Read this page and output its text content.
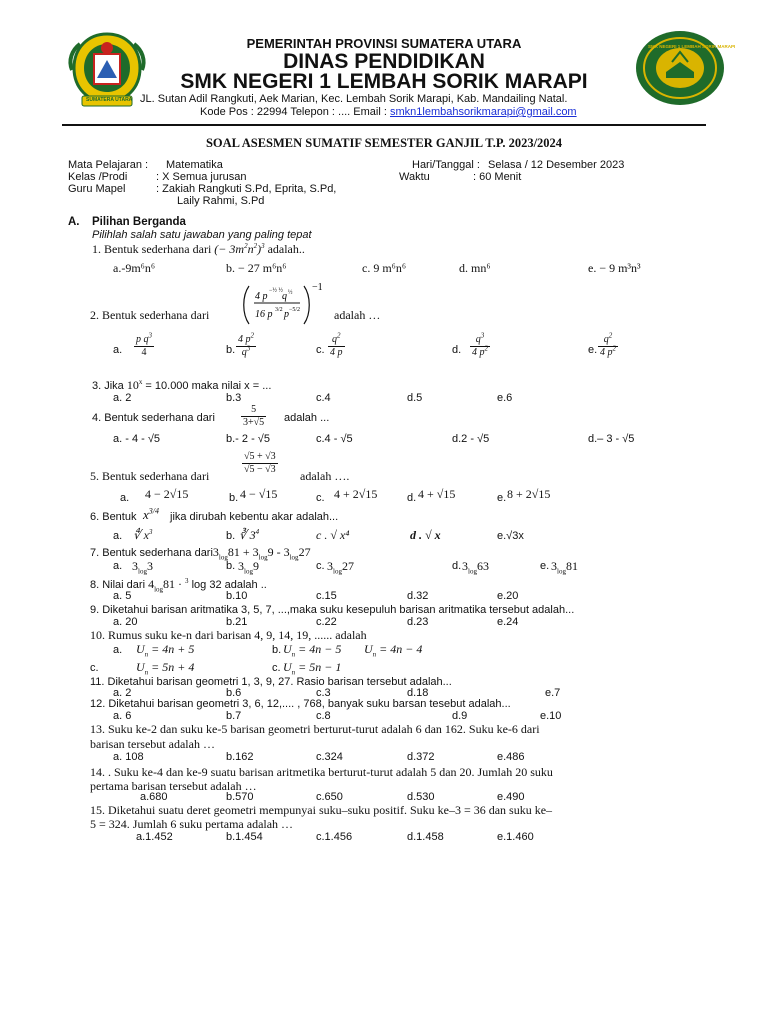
SUMATERA UTARA
SMK NEGERI 1 LEMBAH SORIK MARAPI
PEMERINTAH PROVINSI SUMATERA UTARA
DINAS PENDIDIKAN
SMK NEGERI 1 LEMBAH SORIK MARAPI
JL. Sutan Adil Rangkuti, Aek Marian, Kec. Lembah Sorik Marapi, Kab. Mandailing Natal.
Kode Pos : 22994 Telepon : .... Email : smkn1lembahsorikmarapi@gmail.com
SOAL ASESMEN SUMATIF SEMESTER GANJIL T.P. 2023/2024
Mata Pelajaran : Matematika
Kelas /Prodi	: X Semua jurusan
Guru Mapel	: Zakiah Rangkuti S.Pd, Eprita, S.Pd,
Laily Rahmi, S.Pd
Hari/Tanggal : Selasa / 12 Desember 2023
Waktu	: 60 Menit
A. Pilihan Berganda
Pilihlah salah satu jawaban yang paling tepat
1. Bentuk sederhana dari (− $3m^2n^2)^3$ adalah..
a.-9m⁶n⁶	b. − 27 m⁶n⁶	c. 9 m⁶n⁶	d. mn⁶	e. − 9 m³n³
2. Bentuk sederhana dari
4 p −½ ½ q ½
16 p 3/2 p −5/2
−1
adalah …
a. $\frac{p q^3}{4}$	b. $\frac{4 p^2}{q^3}$	c. $\frac{q^2}{4 p}$	d. $\frac{q^3}{4 p^2}$	e. $\frac{q^2}{4 p^2}$
3. Jika $10^x = 10.000$ maka nilai x = ...
a. 2	b.3	c.4	d.5	e.6
4. Bentuk sederhana dari	$\frac{5}{3+√5}$ adalah ...
a. - 4 - √5	b.- 2 - √5	c.4 - √5	d.2 - √5	d.– 3 - √5
5. Bentuk sederhana dari	$\frac{√5 + √3}{√5 - √3}$ adalah ….
a. 4 − 2√15	b. 4 − √15	c. 4 + 2√15	d. 4 + √15	e. 8 + 2√15
6. Bentuk $x^{3/4}$ jika dirubah kebentu akar adalah...
a. ∜ $x^3$	b. ∛ $3^4$	c . √ x⁴	d . √ x	e.√3x
7. Bentuk sederhana $dari3_{log}81 + 3_{log}9 - 3_{log}27$
a. $3_{log}3$	b. $3_{log}9$	c. $3_{log}27$	d. $3_{log}63$	e. $3_{log}81$
8. Nilai dari $4_{log}81 \cdot ^3$ log 32 adalah ..
a. 5	b.10	c.15	d.32	e.20
9. Diketahui barisan aritmatika 3, 5, 7, ...,maka suku kesepuluh barisan aritmatika tersebut adalah...
a. 20	b.21	c.22	d.23	e.24
10. Rumus suku ke-n dari barisan 4, 9, 14, 19, ...... adalah
a. $U_n = 4n + 5$	b. $U_n = 4n - 5$ $U_n = 4n - 4$
c.	$U_n = 5n + 4$	c. $U_n = 5n - 1$
11. Diketahui barisan geometri 1, 3, 9, 27. Rasio barisan tersebut adalah...
a. 2	b.6	c.3	d.18	e.7
12. Diketahui barisan geometri 3, 6, 12,.... , 768, banyak suku barsan tesebut adalah...
a. 6	b.7	c.8	d.9	e.10
13. Suku ke-2 dan suku ke-5 barisan geometri berturut-turut adalah 6 dan 162. Suku ke-6 dari
barisan tersebut adalah …
a. 108	b.162	c.324	d.372	e.486
14. . Suku ke-4 dan ke-9 suatu barisan aritmetika berturut-turut adalah 5 dan 20. Jumlah 20 suku
pertama barisan tersebut adalah …
a.680	b.570	c.650	d.530	e.490
15. Diketahui suatu deret geometri mempunyai suku–suku positif. Suku ke–3 = 36 dan suku ke–
5 = 324. Jumlah 6 suku pertama adalah …
a.1.452	b.1.454	c.1.456	d.1.458	e.1.460
